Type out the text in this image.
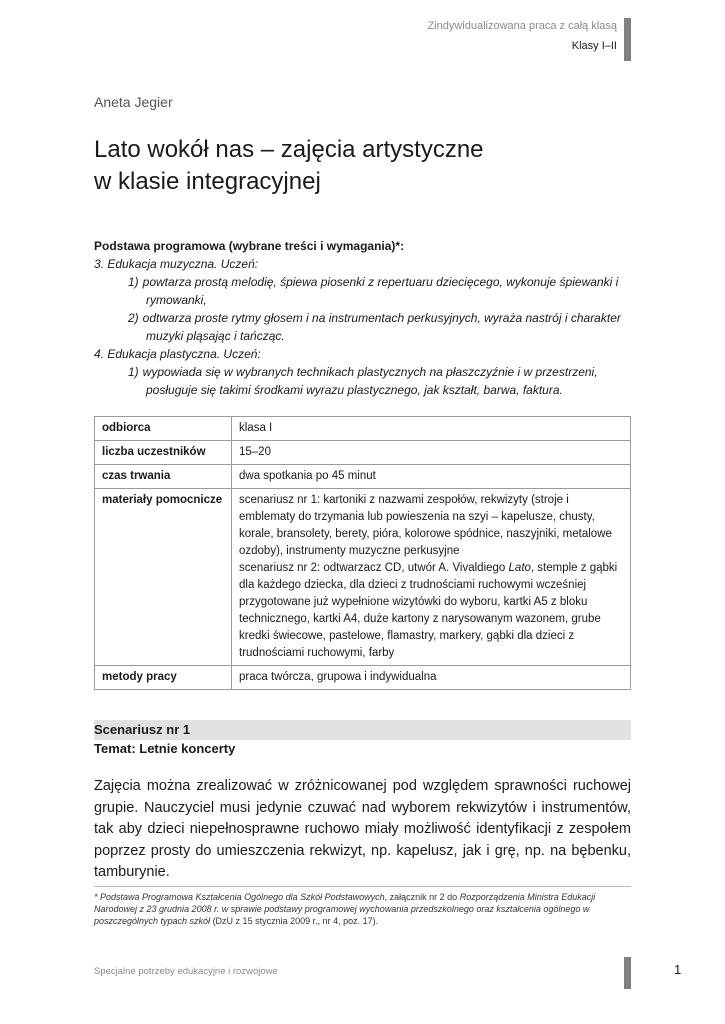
Zindywidualizowana praca z całą klasą
Klasy I–II
Aneta Jegier
Lato wokół nas – zajęcia artystyczne
w klasie integracyjnej
Podstawa programowa (wybrane treści i wymagania)*:
3. Edukacja muzyczna. Uczeń:
1) powtarza prostą melodię, śpiewa piosenki z repertuaru dziecięcego, wykonuje śpiewanki i rymowanki,
2) odtwarza proste rytmy głosem i na instrumentach perkusyjnych, wyraża nastrój i charakter muzyki pląsając i tańcząc.
4. Edukacja plastyczna. Uczeń:
1) wypowiada się w wybranych technikach plastycznych na płaszczyźnie i w przestrzeni, posługuje się takimi środkami wyrazu plastycznego, jak kształt, barwa, faktura.
odbiorca	klasa I
liczba uczestników	15–20
czas trwania	dwa spotkania po 45 minut
materiały pomocnicze	scenariusz nr 1: kartoniki z nazwami zespołów, rekwizyty (stroje i emblematy do trzymania lub powieszenia na szyi – kapelusze, chusty, korale, bransolety, berety, pióra, kolorowe spódnice, naszyjniki, metalowe ozdoby), instrumenty muzyczne perkusyjne
scenariusz nr 2: odtwarzacz CD, utwór A. Vivaldiego Lato, stemple z gąbki dla każdego dziecka, dla dzieci z trudnościami ruchowymi wcześniej przygotowane już wypełnione wizytówki do wyboru, kartki A5 z bloku technicznego, kartki A4, duże kartony z narysowanym wazonem, grube kredki świecowe, pastelowe, flamastry, markery, gąbki dla dzieci z trudnościami ruchowymi, farby

metody pracy	praca twórcza, grupowa i indywidualna
Scenariusz nr 1
Temat: Letnie koncerty
Zajęcia można zrealizować w zróżnicowanej pod względem sprawności ruchowej grupie. Nauczyciel musi jedynie czuwać nad wyborem rekwizytów i instrumentów, tak aby dzieci niepełnosprawne ruchowo miały możliwość identyfikacji z zespołem poprzez prosty do umieszczenia rekwizyt, np. kapelusz, jak i grę, np. na bębenku, tamburynie.
* Podstawa Programowa Kształcenia Ogólnego dla Szkół Podstawowych, załącznik nr 2 do Rozporządzenia Ministra Edukacji Narodowej z 23 grudnia 2008 r. w sprawie podstawy programowej wychowania przedszkolnego oraz kształcenia ogólnego w poszczególnych typach szkół (DzU z 15 stycznia 2009 r., nr 4, poz. 17).
Specjalne potrzeby edukacyjne i rozwojowe	1
